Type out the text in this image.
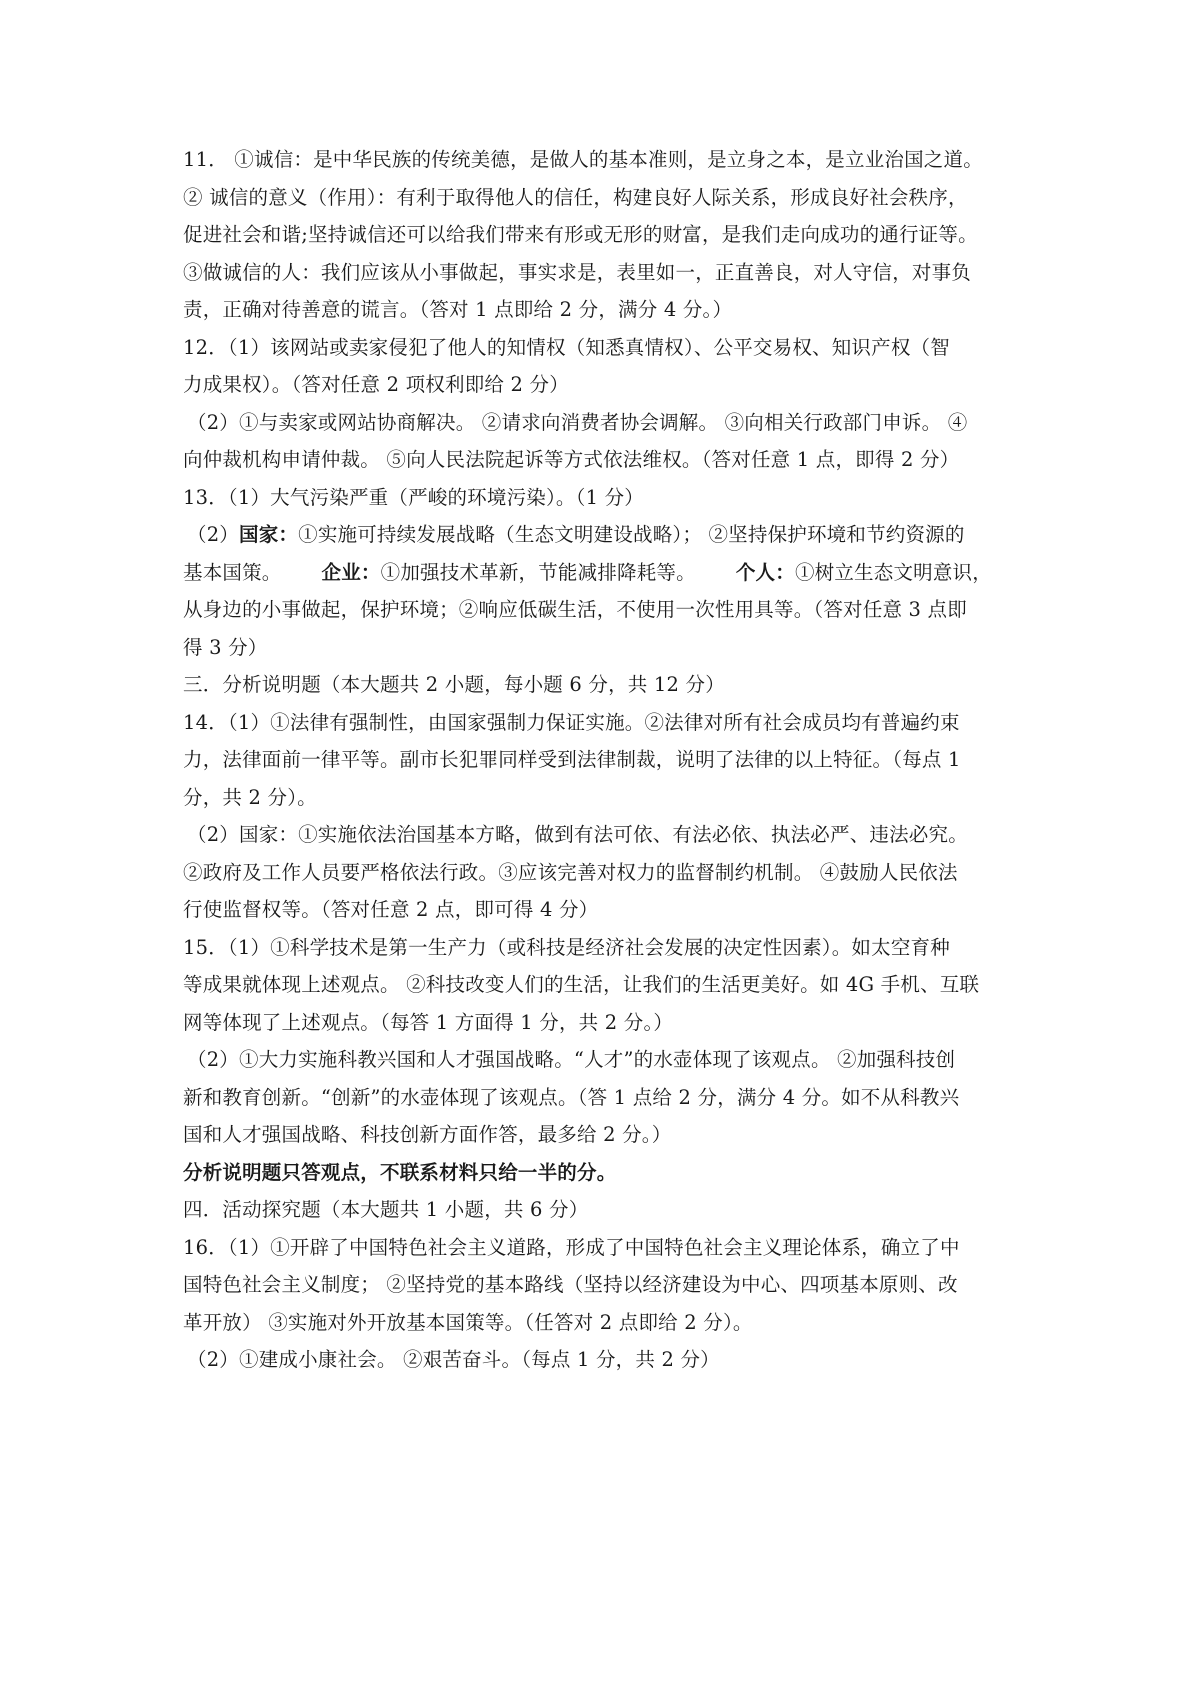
11． ①诚信：是中华民族的传统美德，是做人的基本准则，是立身之本，是立业治国之道。
② 诚信的意义（作用）：有利于取得他人的信任，构建良好人际关系，形成良好社会秩序，
促进社会和谐;坚持诚信还可以给我们带来有形或无形的财富，是我们走向成功的通行证等。
③做诚信的人：我们应该从小事做起，事实求是，表里如一，正直善良，对人守信，对事负
责，正确对待善意的谎言。（答对 1 点即给 2 分，满分 4 分。）
12．（1）该网站或卖家侵犯了他人的知情权（知悉真情权）、公平交易权、知识产权（智
力成果权）。（答对任意 2 项权利即给 2 分）
（2）①与卖家或网站协商解决。 ②请求向消费者协会调解。 ③向相关行政部门申诉。 ④
向仲裁机构申请仲裁。 ⑤向人民法院起诉等方式依法维权。（答对任意 1 点，即得 2 分）
13．（1）大气污染严重（严峻的环境污染）。（1 分）
（2）国家：①实施可持续发展战略（生态文明建设战略）； ②坚持保护环境和节约资源的
基本国策。 企业：①加强技术革新，节能减排降耗等。 个人：①树立生态文明意识，
从身边的小事做起，保护环境；②响应低碳生活，不使用一次性用具等。（答对任意 3 点即
得 3 分）
三．分析说明题（本大题共 2 小题，每小题 6 分，共 12 分）
14．（1）①法律有强制性，由国家强制力保证实施。②法律对所有社会成员均有普遍约束
力，法律面前一律平等。副市长犯罪同样受到法律制裁，说明了法律的以上特征。（每点 1
分，共 2 分）。
（2）国家：①实施依法治国基本方略，做到有法可依、有法必依、执法必严、违法必究。
②政府及工作人员要严格依法行政。③应该完善对权力的监督制约机制。 ④鼓励人民依法
行使监督权等。（答对任意 2 点，即可得 4 分）
15．（1）①科学技术是第一生产力（或科技是经济社会发展的决定性因素）。如太空育种
等成果就体现上述观点。 ②科技改变人们的生活，让我们的生活更美好。如 4G 手机、互联
网等体现了上述观点。（每答 1 方面得 1 分，共 2 分。）
（2）①大力实施科教兴国和人才强国战略。“人才”的水壶体现了该观点。 ②加强科技创
新和教育创新。“创新”的水壶体现了该观点。（答 1 点给 2 分，满分 4 分。如不从科教兴
国和人才强国战略、科技创新方面作答，最多给 2 分。）
分析说明题只答观点，不联系材料只给一半的分。
四．活动探究题（本大题共 1 小题，共 6 分）
16．（1）①开辟了中国特色社会主义道路，形成了中国特色社会主义理论体系，确立了中
国特色社会主义制度； ②坚持党的基本路线（坚持以经济建设为中心、四项基本原则、改
革开放） ③实施对外开放基本国策等。（任答对 2 点即给 2 分）。
（2）①建成小康社会。 ②艰苦奋斗。（每点 1 分，共 2 分）
